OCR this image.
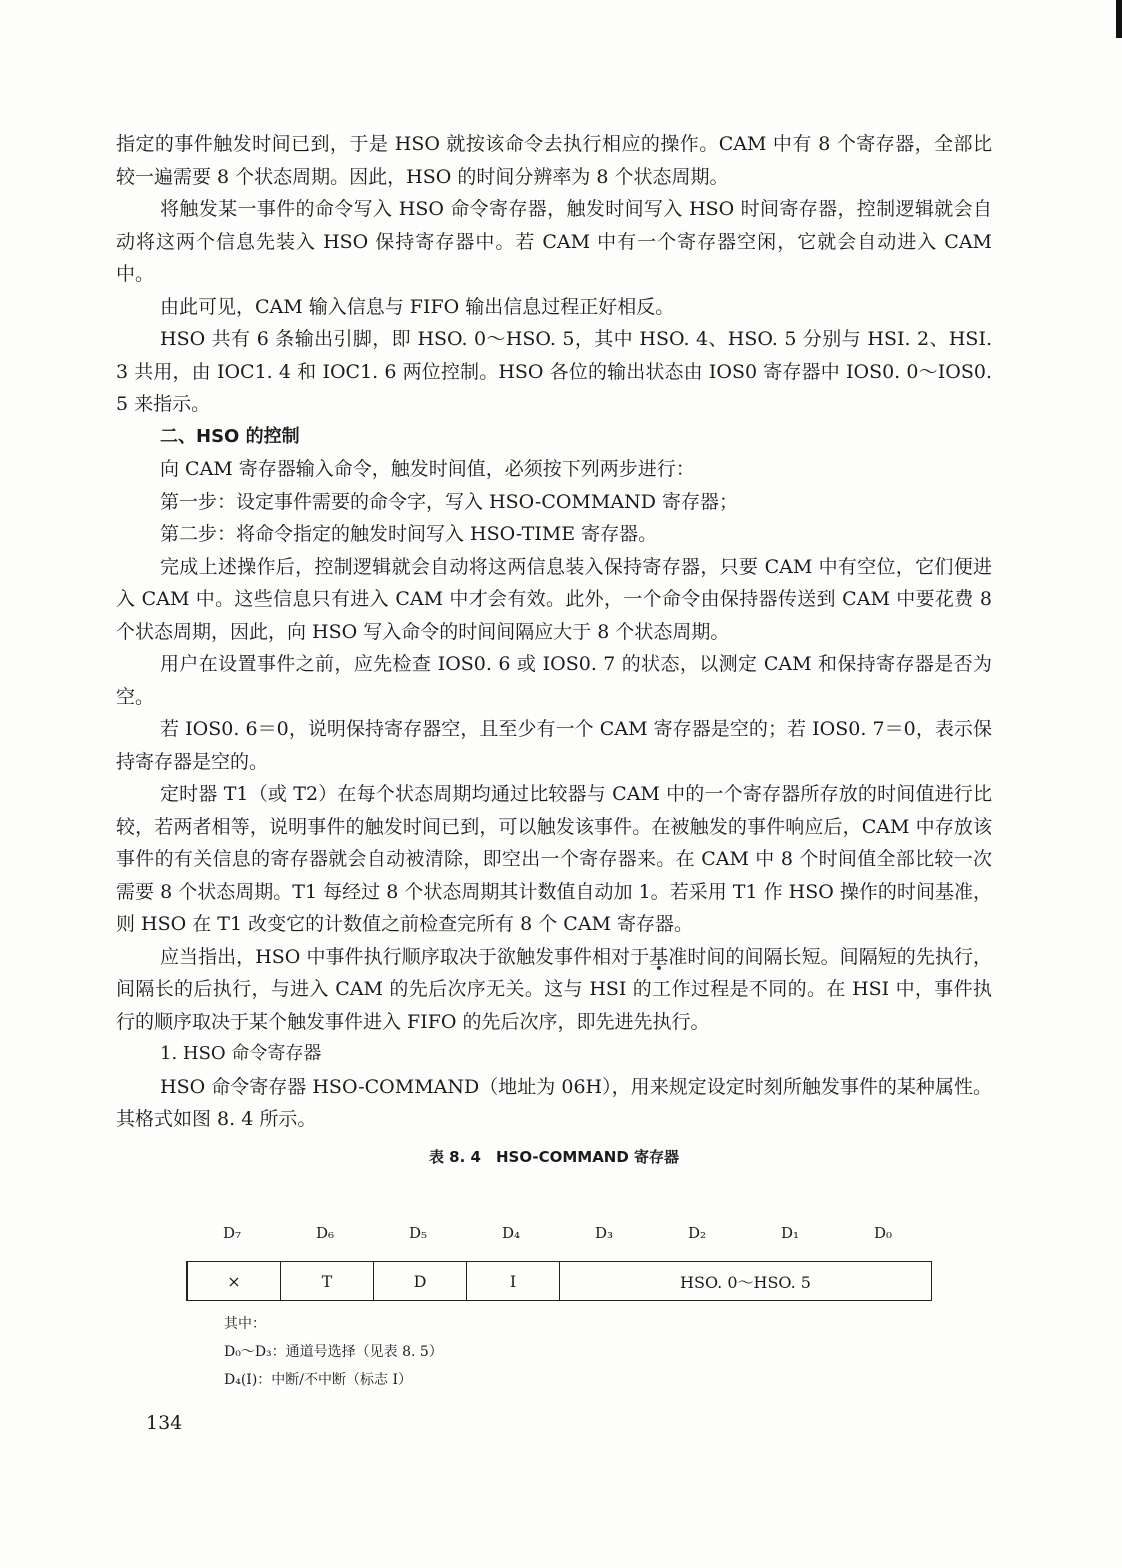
指定的事件触发时间已到，于是 HSO 就按该命令去执行相应的操作。CAM 中有 8 个寄存器，全部比较一遍需要 8 个状态周期。因此，HSO 的时间分辨率为 8 个状态周期。

将触发某一事件的命令写入 HSO 命令寄存器，触发时间写入 HSO 时间寄存器，控制逻辑就会自动将这两个信息先装入 HSO 保持寄存器中。若 CAM 中有一个寄存器空闲，它就会自动进入 CAM 中。

由此可见，CAM 输入信息与 FIFO 输出信息过程正好相反。

HSO 共有 6 条输出引脚，即 HSO. 0～HSO. 5，其中 HSO. 4、HSO. 5 分别与 HSI. 2、HSI. 3 共用，由 IOC1. 4 和 IOC1. 6 两位控制。HSO 各位的输出状态由 IOS0 寄存器中 IOS0. 0～IOS0. 5 来指示。

二、HSO 的控制

向 CAM 寄存器输入命令，触发时间值，必须按下列两步进行：

第一步：设定事件需要的命令字，写入 HSO-COMMAND 寄存器；

第二步：将命令指定的触发时间写入 HSO-TIME 寄存器。

完成上述操作后，控制逻辑就会自动将这两信息装入保持寄存器，只要 CAM 中有空位，它们便进入 CAM 中。这些信息只有进入 CAM 中才会有效。此外，一个命令由保持器传送到 CAM 中要花费 8 个状态周期，因此，向 HSO 写入命令的时间间隔应大于 8 个状态周期。

用户在设置事件之前，应先检查 IOS0. 6 或 IOS0. 7 的状态，以测定 CAM 和保持寄存器是否为空。

若 IOS0. 6＝0，说明保持寄存器空，且至少有一个 CAM 寄存器是空的；若 IOS0. 7＝0，表示保持寄存器是空的。

定时器 T1（或 T2）在每个状态周期均通过比较器与 CAM 中的一个寄存器所存放的时间值进行比较，若两者相等，说明事件的触发时间已到，可以触发该事件。在被触发的事件响应后，CAM 中存放该事件的有关信息的寄存器就会自动被清除，即空出一个寄存器来。在 CAM 中 8 个时间值全部比较一次需要 8 个状态周期。T1 每经过 8 个状态周期其计数值自动加 1。若采用 T1 作 HSO 操作的时间基准，则 HSO 在 T1 改变它的计数值之前检查完所有 8 个 CAM 寄存器。

应当指出，HSO 中事件执行顺序取决于欲触发事件相对于基准时间的间隔长短。间隔短的先执行，间隔长的后执行，与进入 CAM 的先后次序无关。这与 HSI 的工作过程是不同的。在 HSI 中，事件执行的顺序取决于某个触发事件进入 FIFO 的先后次序，即先进先执行。

1. HSO 命令寄存器

HSO 命令寄存器 HSO-COMMAND（地址为 06H），用来规定设定时刻所触发事件的某种属性。其格式如图 8. 4 所示。

表 8. 4　HSO-COMMAND 寄存器

D₇	D₆	D₅	D₄	D₃	D₂	D₁	D₀
×	T	D	I	HSO. 0～HSO. 5
其中：
D₀～D₃：通道号选择（见表 8. 5）
D₄(I)：中断/不中断（标志 I）
134
